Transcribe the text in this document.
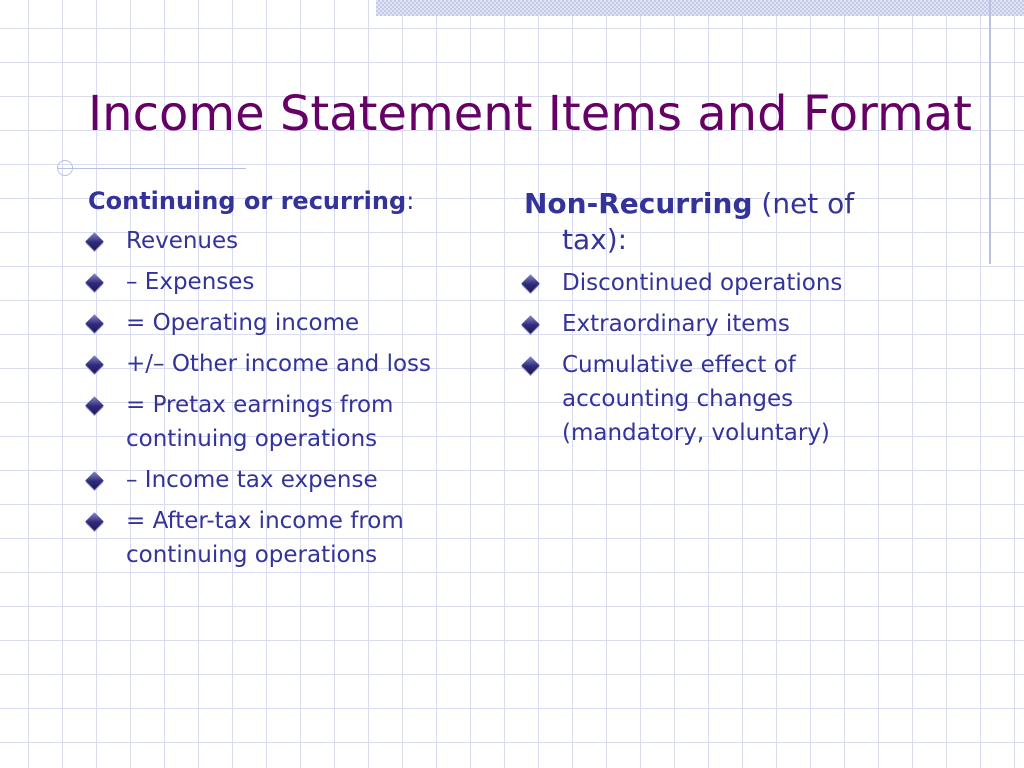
Income Statement Items and Format
Continuing or recurring:
Revenues
– Expenses
= Operating income
+/– Other income and loss
= Pretax earnings from continuing operations
– Income tax expense
= After-tax income from continuing operations
Non-Recurring (net of tax):
Discontinued operations
Extraordinary items
Cumulative effect of accounting changes (mandatory, voluntary)
